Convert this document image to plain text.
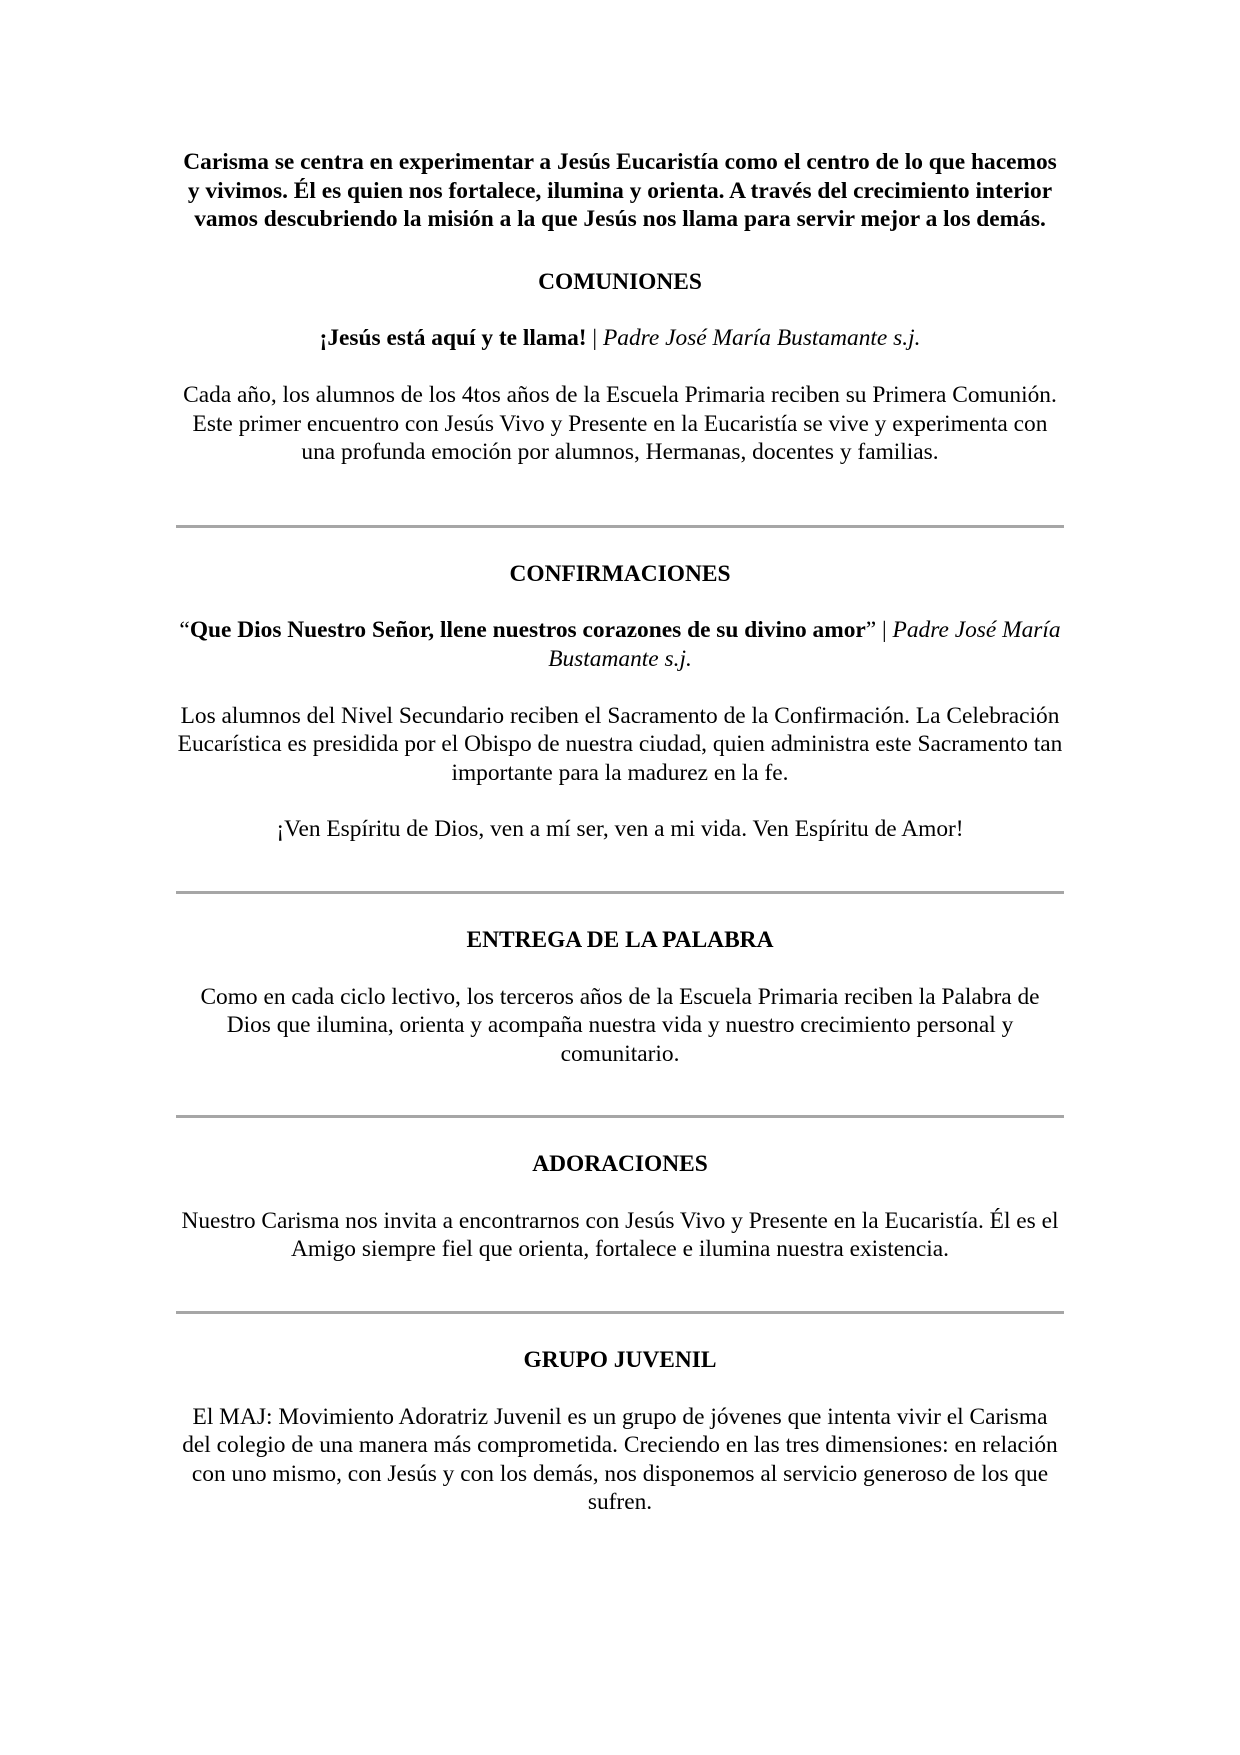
Carisma se centra en experimentar a Jesús Eucaristía como el centro de lo que hacemos y vivimos. Él es quien nos fortalece, ilumina y orienta. A través del crecimiento interior vamos descubriendo la misión a la que Jesús nos llama para servir mejor a los demás.

COMUNIONES

¡Jesús está aquí y te llama! | Padre José María Bustamante s.j.

Cada año, los alumnos de los 4tos años de la Escuela Primaria reciben su Primera Comunión. Este primer encuentro con Jesús Vivo y Presente en la Eucaristía se vive y experimenta con una profunda emoción por alumnos, Hermanas, docentes y familias.

CONFIRMACIONES

“Que Dios Nuestro Señor, llene nuestros corazones de su divino amor” | Padre José María Bustamante s.j.

Los alumnos del Nivel Secundario reciben el Sacramento de la Confirmación. La Celebración Eucarística es presidida por el Obispo de nuestra ciudad, quien administra este Sacramento tan importante para la madurez en la fe.

¡Ven Espíritu de Dios, ven a mí ser, ven a mi vida. Ven Espíritu de Amor!

ENTREGA DE LA PALABRA

Como en cada ciclo lectivo, los terceros años de la Escuela Primaria reciben la Palabra de Dios que ilumina, orienta y acompaña nuestra vida y nuestro crecimiento personal y comunitario.

ADORACIONES

Nuestro Carisma nos invita a encontrarnos con Jesús Vivo y Presente en la Eucaristía. Él es el Amigo siempre fiel que orienta, fortalece e ilumina nuestra existencia.

GRUPO JUVENIL

El MAJ: Movimiento Adoratriz Juvenil es un grupo de jóvenes que intenta vivir el Carisma del colegio de una manera más comprometida. Creciendo en las tres dimensiones: en relación con uno mismo, con Jesús y con los demás, nos disponemos al servicio generoso de los que sufren.
